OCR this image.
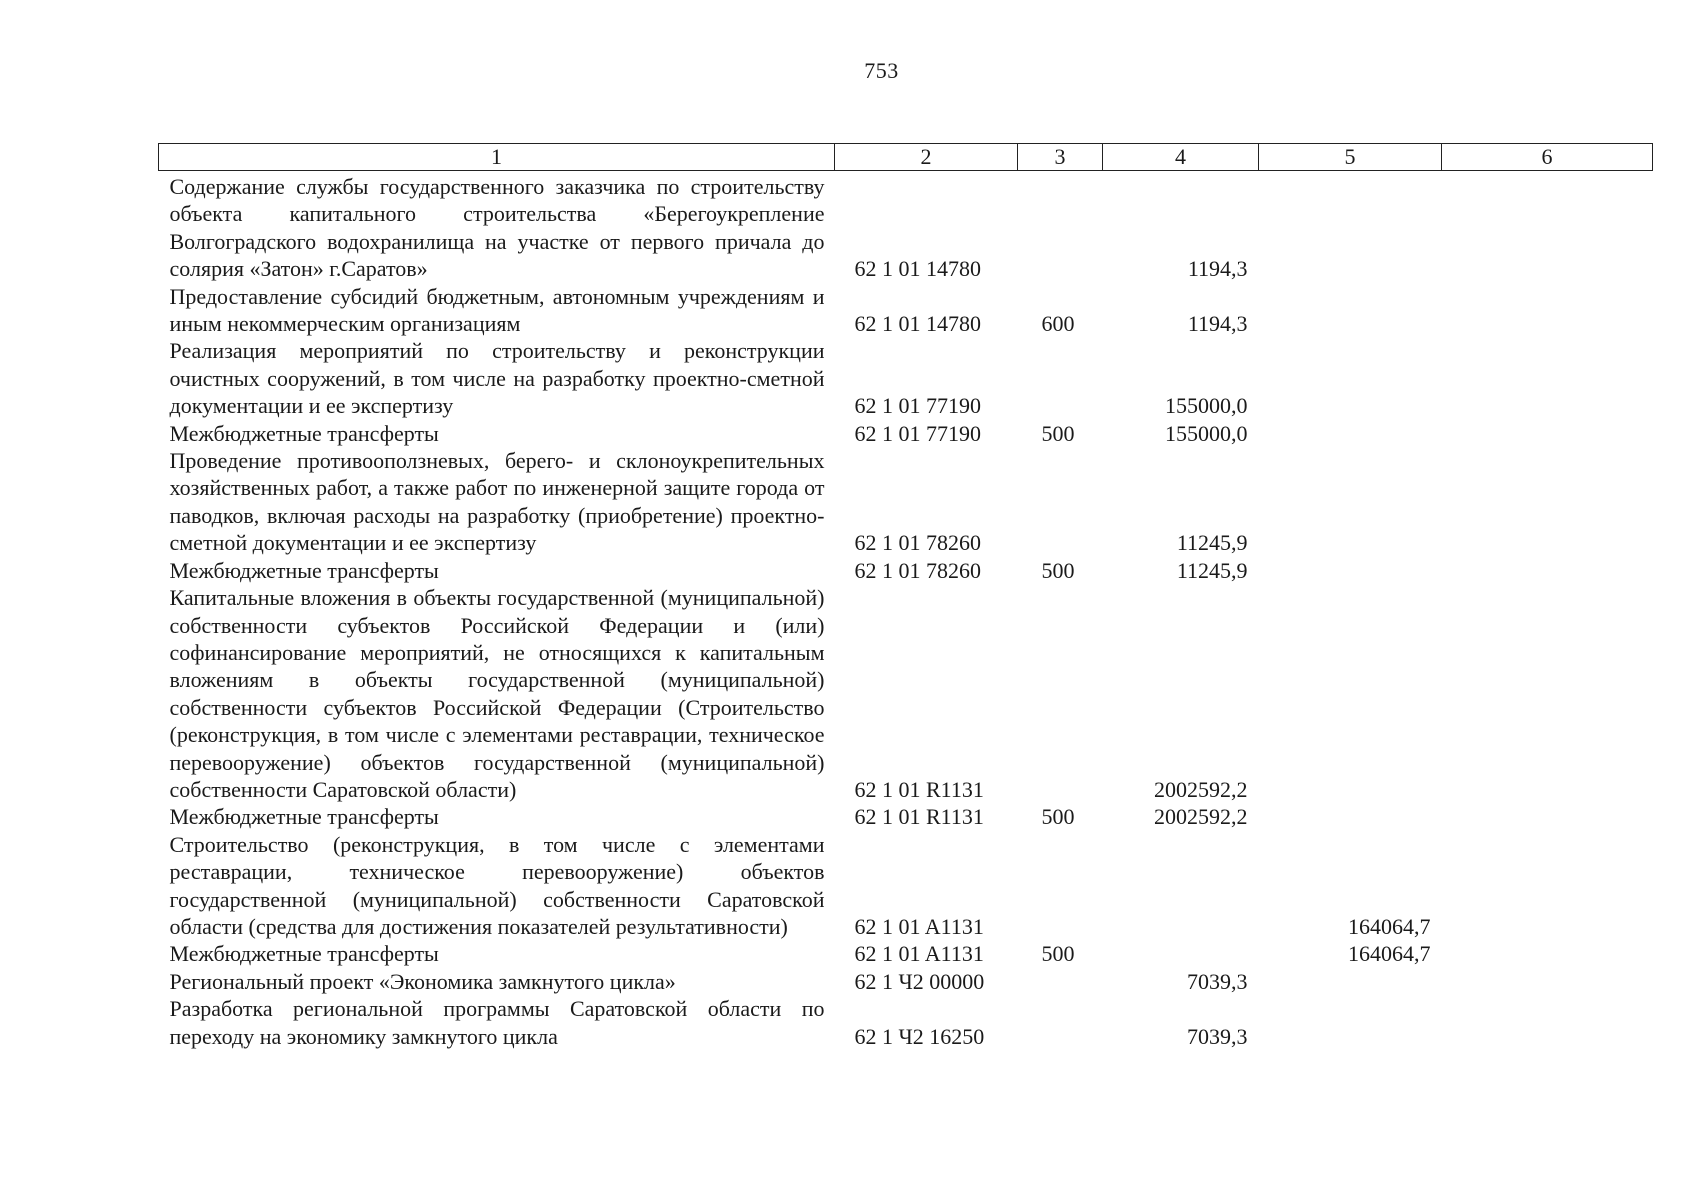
753
1	2	3	4	5	6
Содержание службы государственного заказчика по строительству объекта капитального строительства «Берегоукрепление Волгоградского водохранилища на участке от первого причала до солярия «Затон» г.Саратов»	62 1 01 14780		1194,3		
Предоставление субсидий бюджетным, автономным учреждениям и иным некоммерческим организациям	62 1 01 14780	600	1194,3		
Реализация мероприятий по строительству и реконструкции очистных сооружений, в том числе на разработку проектно-сметной документации и ее экспертизу	62 1 01 77190		155000,0		
Межбюджетные трансферты	62 1 01 77190	500	155000,0		
Проведение противооползневых, берего- и склоноукрепительных хозяйственных работ, а также работ по инженерной защите города от паводков, включая расходы на разработку (приобретение) проектно-сметной документации и ее экспертизу	62 1 01 78260		11245,9		
Межбюджетные трансферты	62 1 01 78260	500	11245,9		
Капитальные вложения в объекты государственной (муниципальной) собственности субъектов Российской Федерации и (или) софинансирование мероприятий, не относящихся к капитальным вложениям в объекты государственной (муниципальной) собственности субъектов Российской Федерации (Строительство (реконструкция, в том числе с элементами реставрации, техническое перевооружение) объектов государственной (муниципальной) собственности Саратовской области)	62 1 01 R1131		2002592,2		
Межбюджетные трансферты	62 1 01 R1131	500	2002592,2		
Строительство (реконструкция, в том числе с элементами реставрации, техническое перевооружение) объектов государственной (муниципальной) собственности Саратовской области (средства для достижения показателей результативности)	62 1 01 A1131			164064,7	
Межбюджетные трансферты	62 1 01 A1131	500		164064,7	
Региональный проект «Экономика замкнутого цикла»	62 1 Ч2 00000		7039,3		
Разработка региональной программы Саратовской области по переходу на экономику замкнутого цикла	62 1 Ч2 16250		7039,3		
